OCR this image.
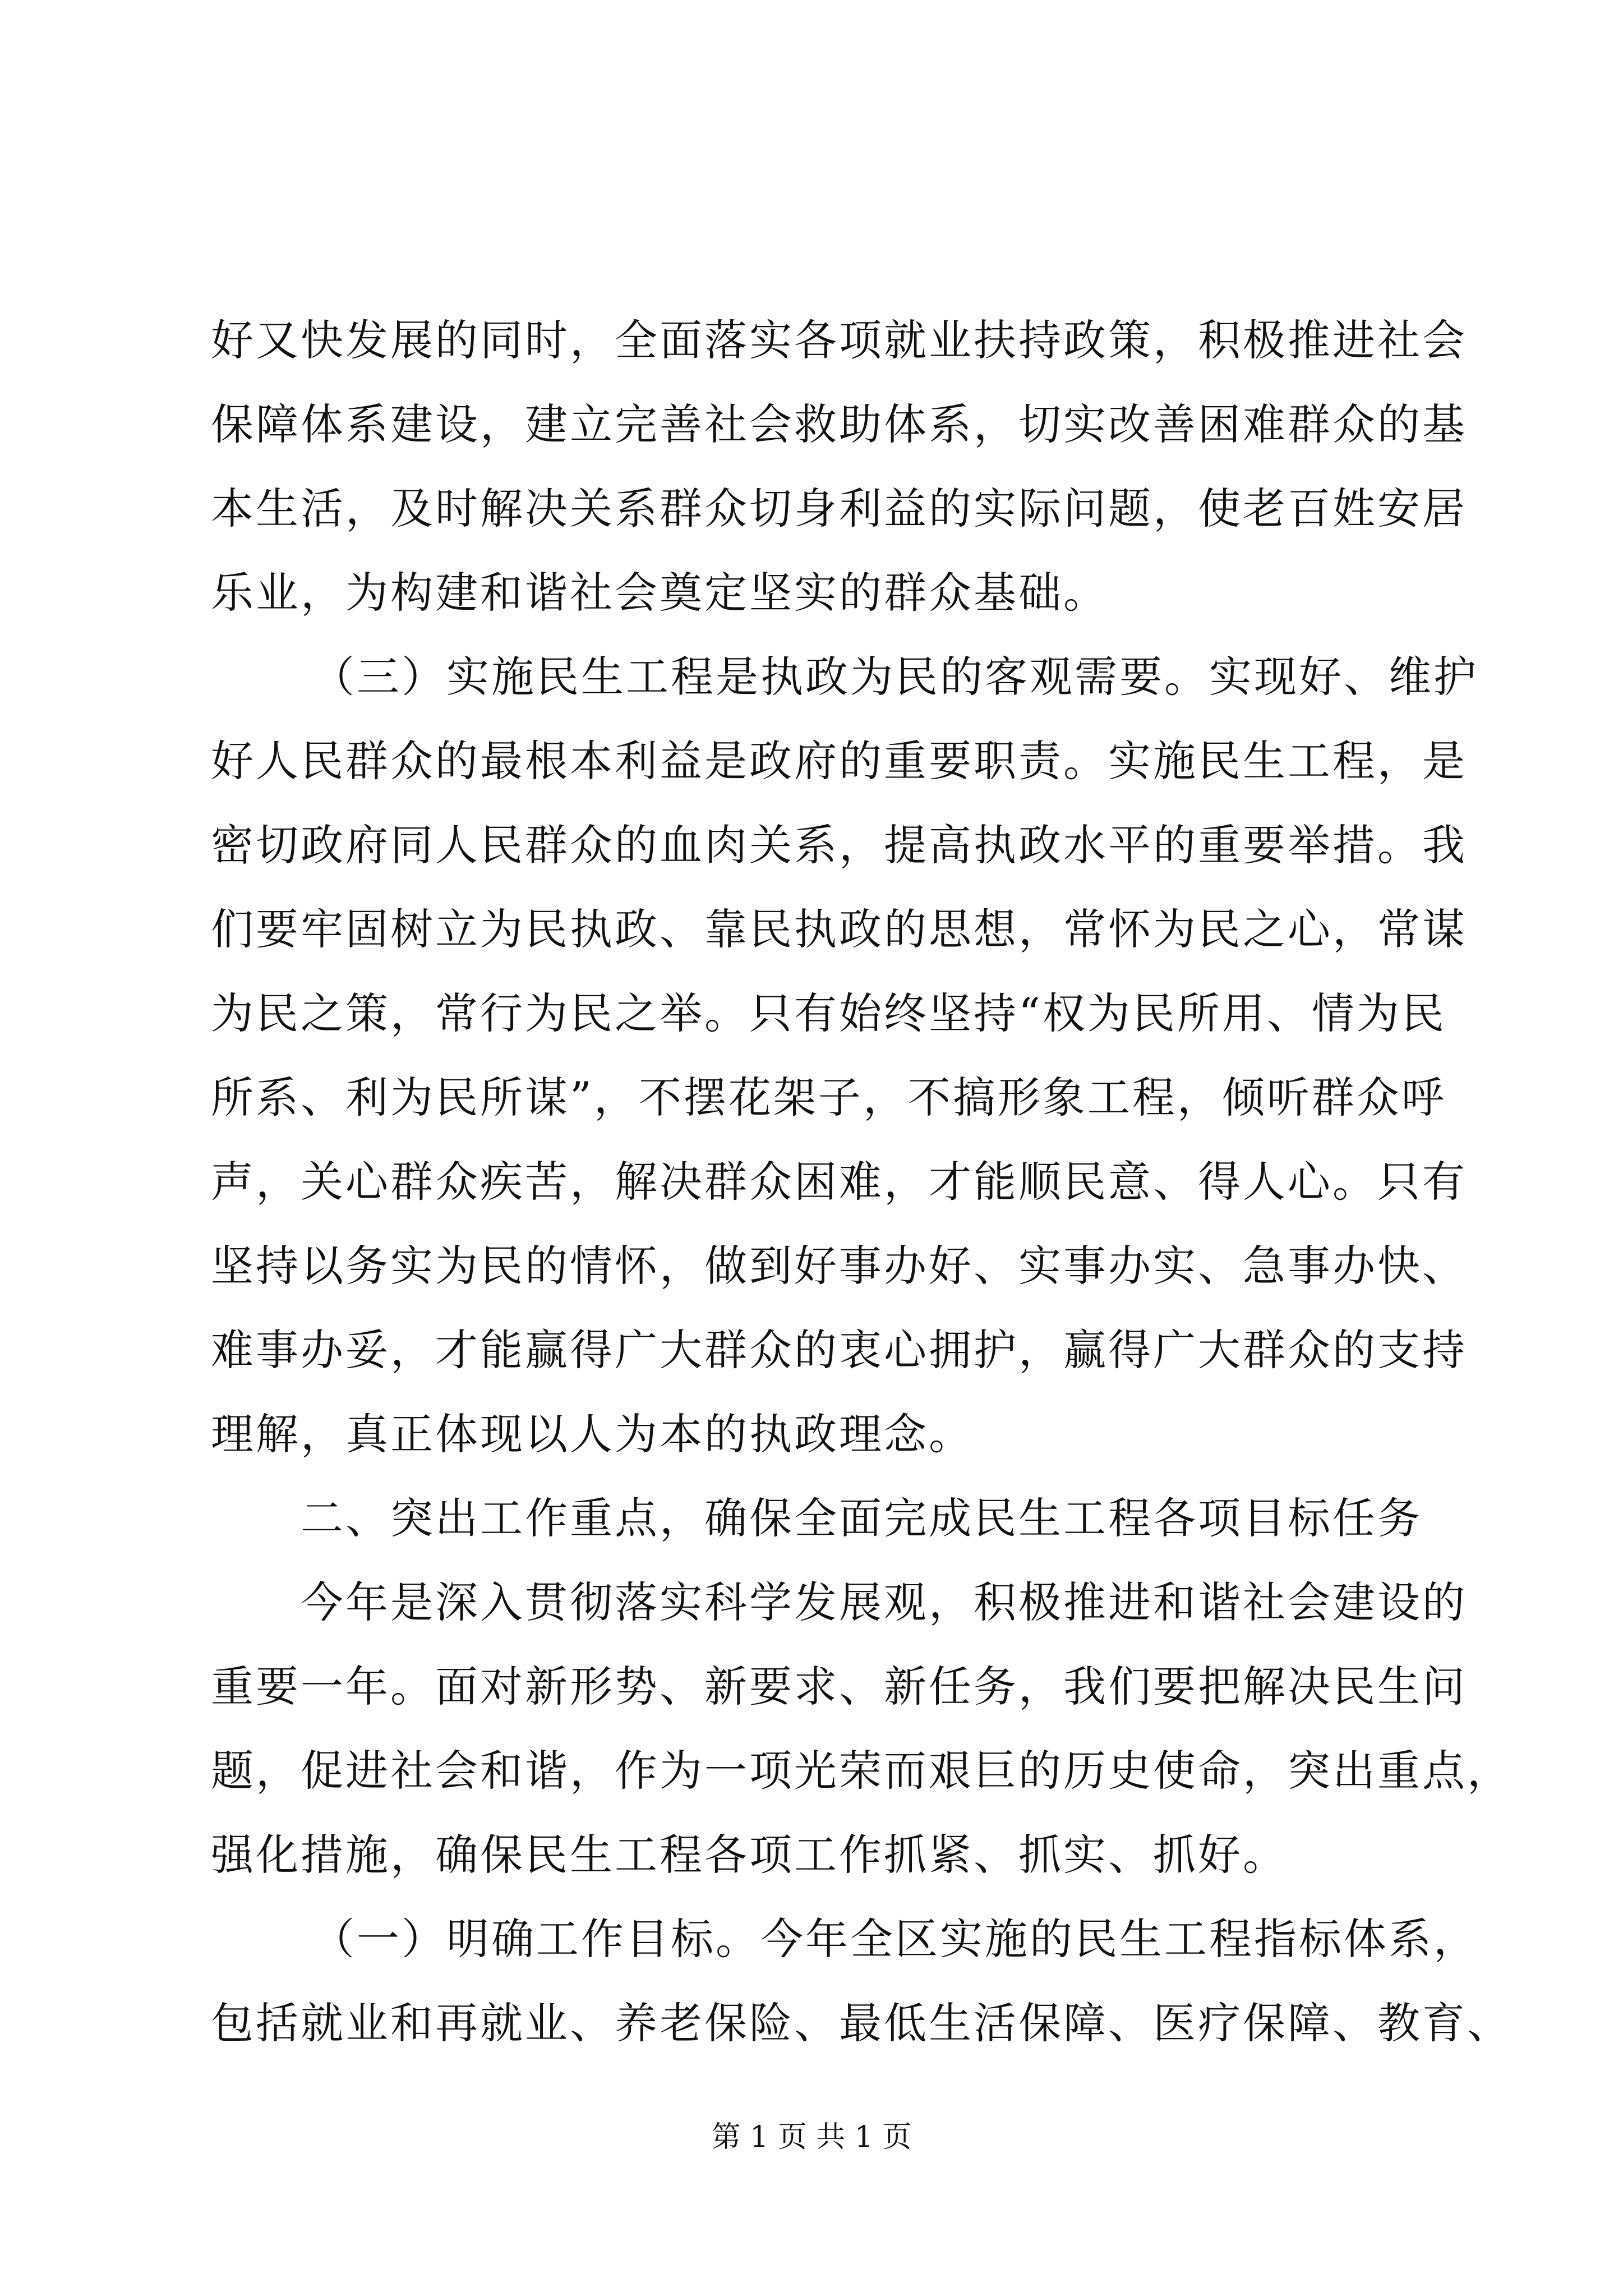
好又快发展的同时，全面落实各项就业扶持政策，积极推进社会
保障体系建设，建立完善社会救助体系，切实改善困难群众的基
本生活，及时解决关系群众切身利益的实际问题，使老百姓安居
乐业，为构建和谐社会奠定坚实的群众基础。
（三）实施民生工程是执政为民的客观需要。实现好、维护
好人民群众的最根本利益是政府的重要职责。实施民生工程，是
密切政府同人民群众的血肉关系，提高执政水平的重要举措。我
们要牢固树立为民执政、靠民执政的思想，常怀为民之心，常谋
为民之策，常行为民之举。只有始终坚持“权为民所用、情为民
所系、利为民所谋”，不摆花架子，不搞形象工程，倾听群众呼
声，关心群众疾苦，解决群众困难，才能顺民意、得人心。只有
坚持以务实为民的情怀，做到好事办好、实事办实、急事办快、
难事办妥，才能赢得广大群众的衷心拥护，赢得广大群众的支持
理解，真正体现以人为本的执政理念。
二、突出工作重点，确保全面完成民生工程各项目标任务
今年是深入贯彻落实科学发展观，积极推进和谐社会建设的
重要一年。面对新形势、新要求、新任务，我们要把解决民生问
题，促进社会和谐，作为一项光荣而艰巨的历史使命，突出重点，
强化措施，确保民生工程各项工作抓紧、抓实、抓好。
（一）明确工作目标。今年全区实施的民生工程指标体系，
包括就业和再就业、养老保险、最低生活保障、医疗保障、教育、
第 1 页 共 1 页
